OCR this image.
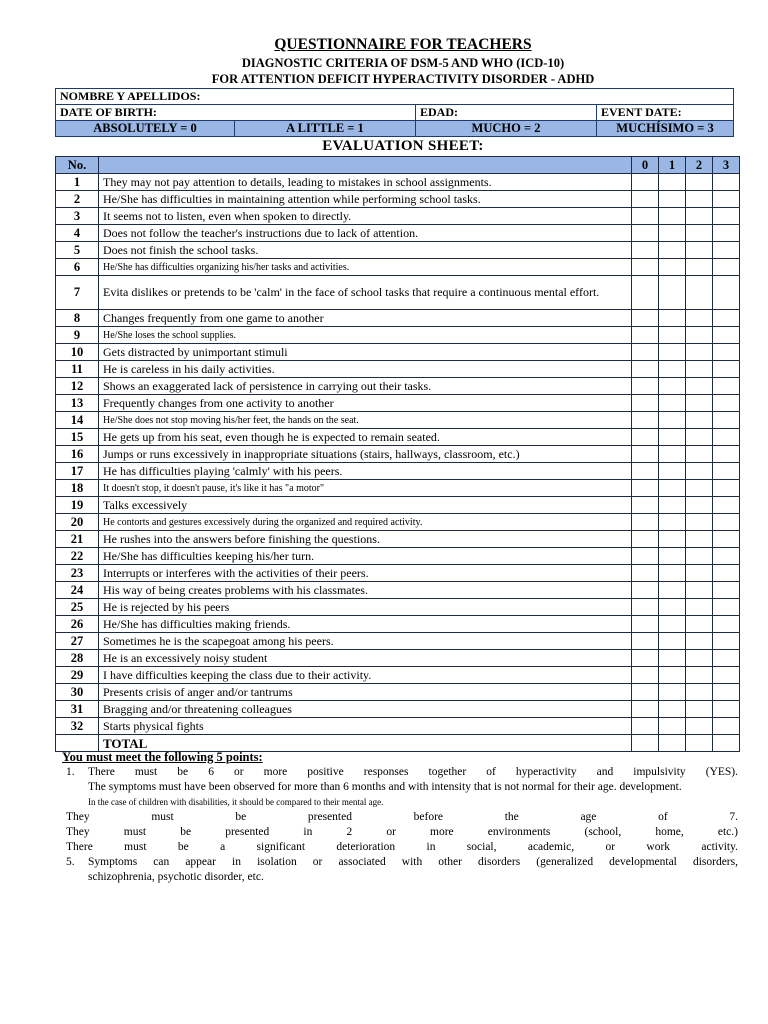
QUESTIONNAIRE FOR TEACHERS
DIAGNOSTIC CRITERIA OF DSM-5 AND WHO (ICD-10)
FOR ATTENTION DEFICIT HYPERACTIVITY DISORDER - ADHD
NOMBRE Y APELLIDOS:			
DATE OF BIRTH:		EDAD:	EVENT DATE:
ABSOLUTELY = 0	A LITTLE = 1	MUCHO = 2	MUCHÍSIMO = 3
EVALUATION SHEET:
No.		0	1	2	3
1	They may not pay attention to details, leading to mistakes in school assignments.				
2	He/She has difficulties in maintaining attention while performing school tasks.				
3	It seems not to listen, even when spoken to directly.				
4	Does not follow the teacher's instructions due to lack of attention.				
5	Does not finish the school tasks.				
6	He/She has difficulties organizing his/her tasks and activities.				
7	Evita dislikes or pretends to be 'calm' in the face of school tasks that require a continuous mental effort.				
8	Changes frequently from one game to another				
9	He/She loses the school supplies.				
10	Gets distracted by unimportant stimuli				
11	He is careless in his daily activities.				
12	Shows an exaggerated lack of persistence in carrying out their tasks.				
13	Frequently changes from one activity to another				
14	He/She does not stop moving his/her feet, the hands on the seat.				
15	He gets up from his seat, even though he is expected to remain seated.				
16	Jumps or runs excessively in inappropriate situations (stairs, hallways, classroom, etc.)				
17	He has difficulties playing 'calmly' with his peers.				
18	It doesn't stop, it doesn't pause, it's like it has "a motor"				
19	Talks excessively				
20	He contorts and gestures excessively during the organized and required activity.				
21	He rushes into the answers before finishing the questions.				
22	He/She has difficulties keeping his/her turn.				
23	Interrupts or interferes with the activities of their peers.				
24	His way of being creates problems with his classmates.				
25	He is rejected by his peers				
26	He/She has difficulties making friends.				
27	Sometimes he is the scapegoat among his peers.				
28	He is an excessively noisy student				
29	I have difficulties keeping the class due to their activity.				
30	Presents crisis of anger and/or tantrums				
31	Bragging and/or threatening colleagues				
32	Starts physical fights				
	TOTAL				
You must meet the following 5 points:
1. There must be 6 or more positive responses together of hyperactivity and impulsivity (YES).
The symptoms must have been observed for more than 6 months and with intensity that is not normal for their age. development.
In the case of children with disabilities, it should be compared to their mental age.
They must be presented before the age of 7.
They must be presented in 2 or more environments (school, home, etc.)
There must be a significant deterioration in social, academic, or work activity.
5. Symptoms can appear in isolation or associated with other disorders (generalized developmental disorders,
schizophrenia, psychotic disorder, etc.
